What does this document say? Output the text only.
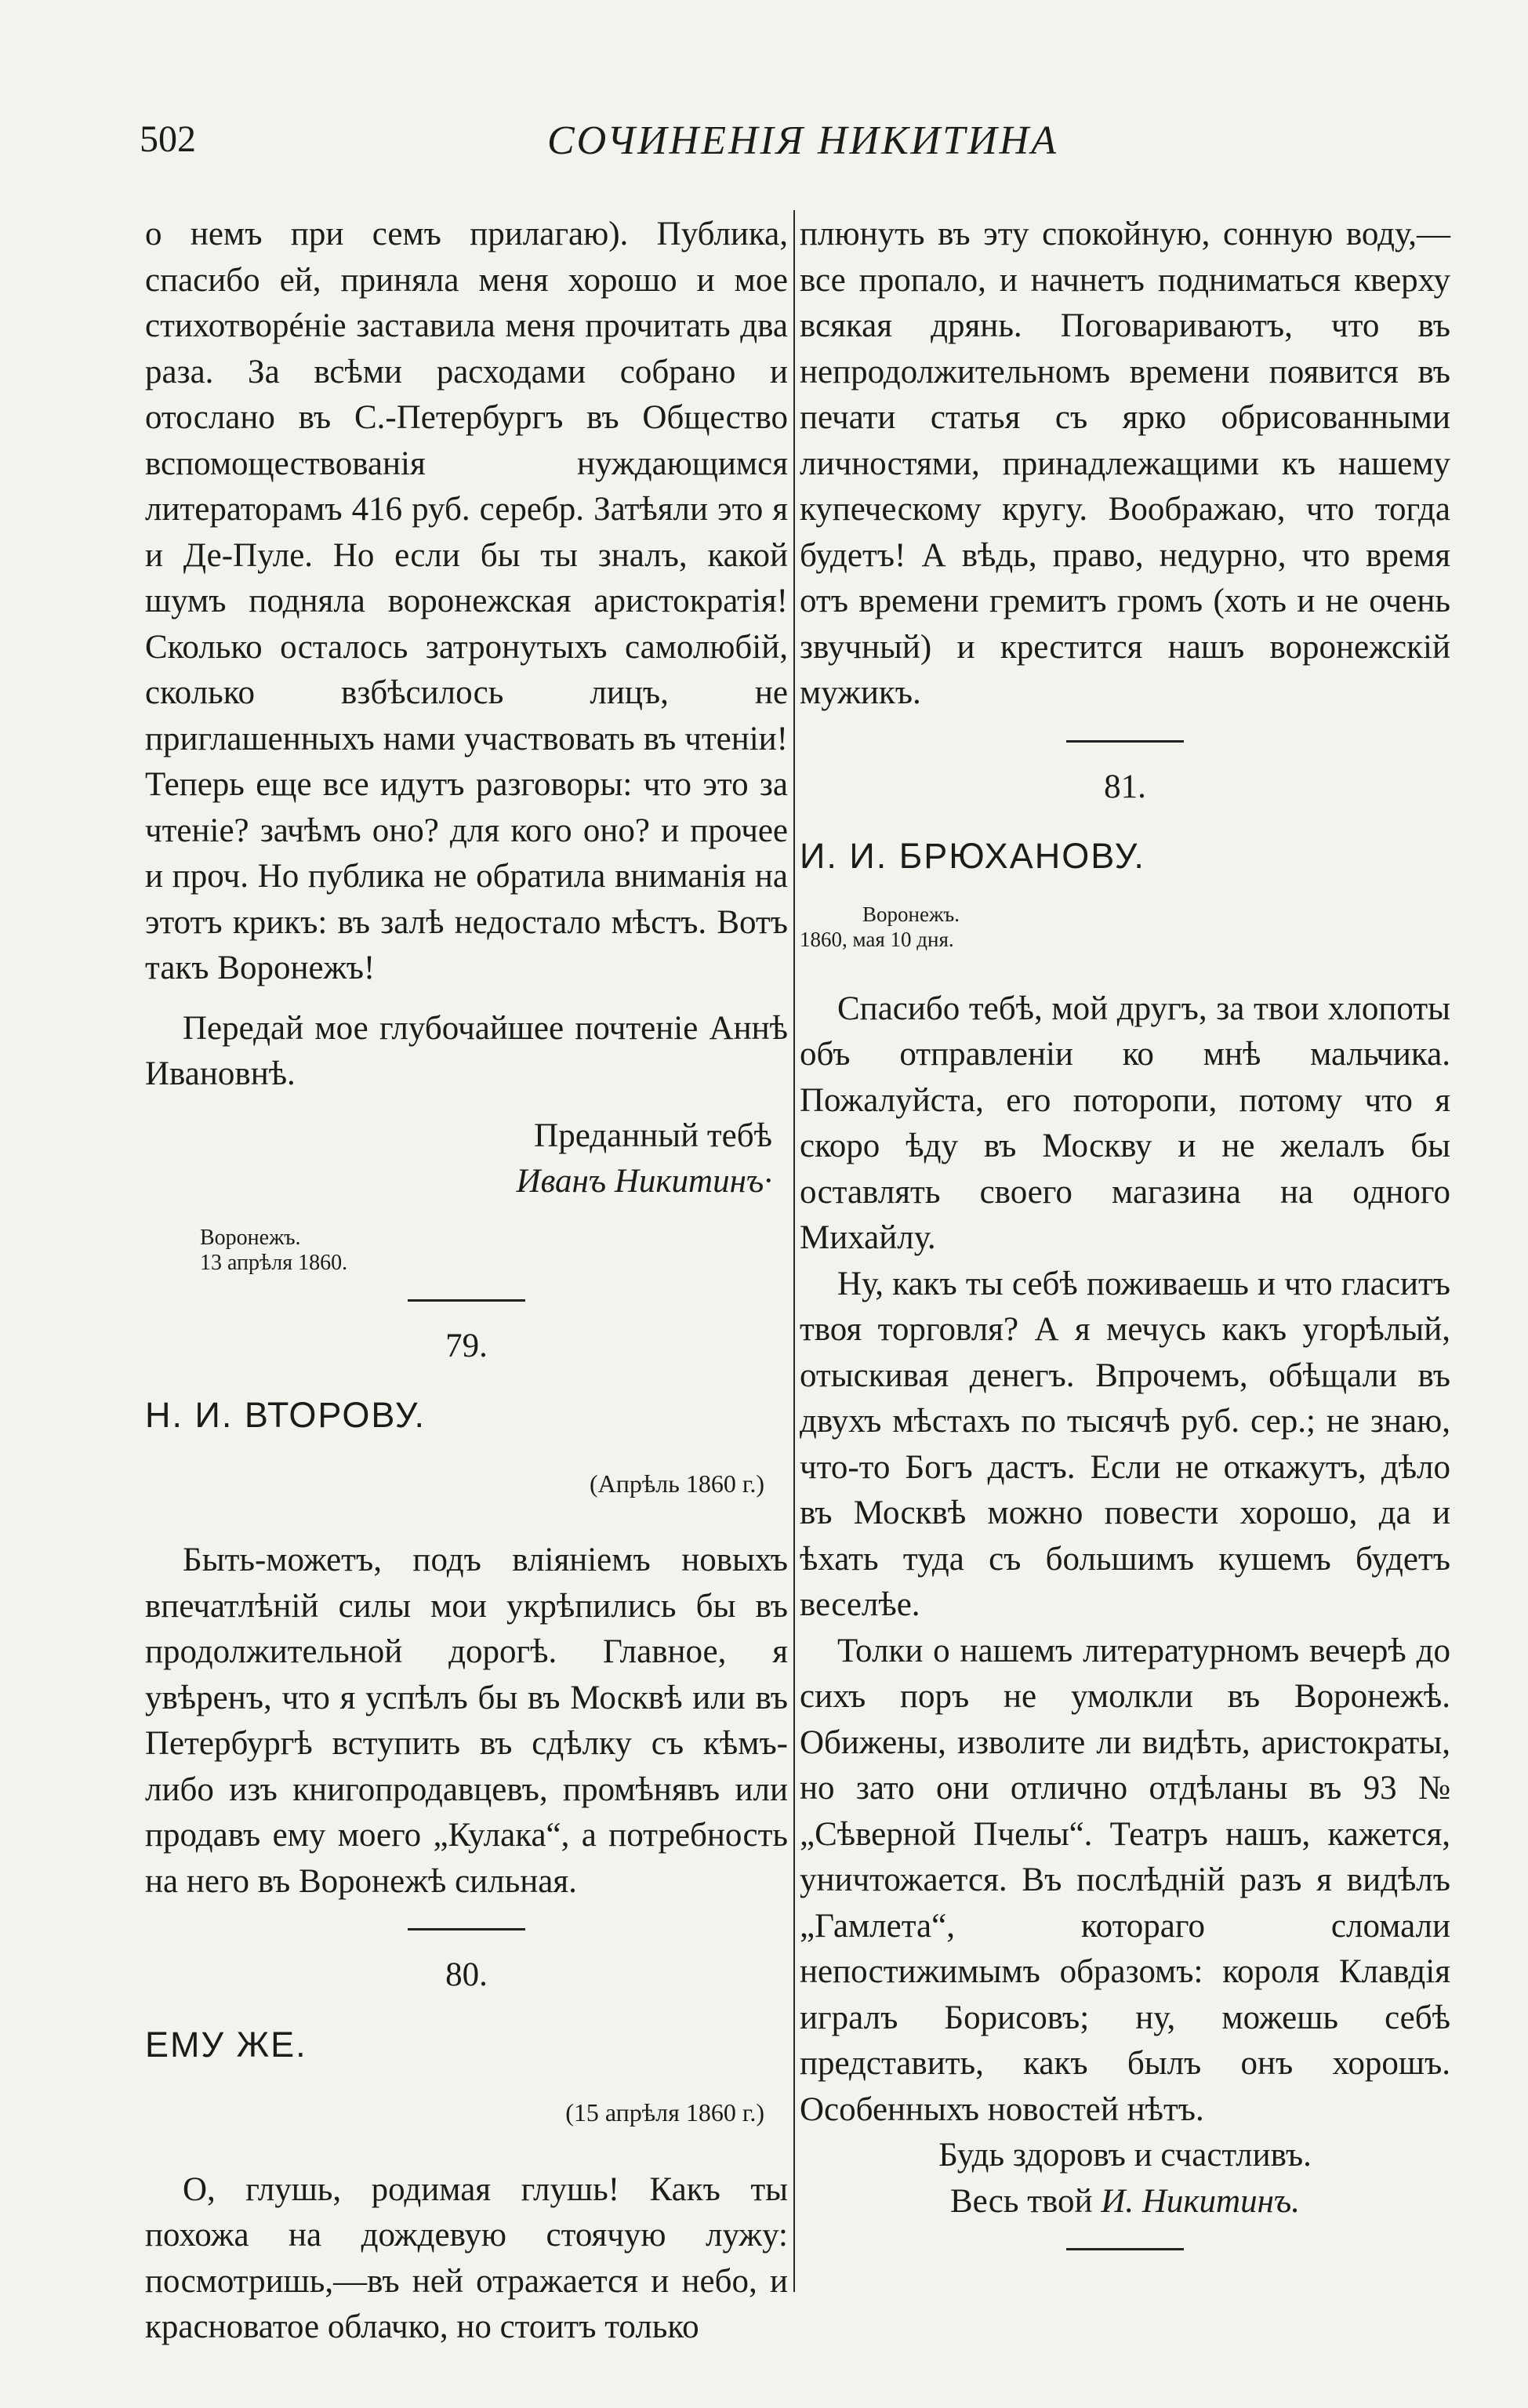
502	СОЧИНЕНІЯ НИКИТИНА

о немъ при семъ прилагаю). Публика, спасибо ей, приняла меня хорошо и мое стихотворéніе заставила меня прочитать два раза. За всѣми расходами собрано и отослано въ С.-Петербургъ въ Общество вспомоществованія нуждающимся литераторамъ 416 руб. серебр. Затѣяли это я и Де-Пуле. Но если бы ты зналъ, какой шумъ подняла воронежская аристократія! Сколько осталось затронутыхъ самолюбій, сколько взбѣсилось лицъ, не приглашенныхъ нами участвовать въ чтеніи! Теперь еще все идутъ разговоры: что это за чтеніе? зачѣмъ оно? для кого оно? и прочее и проч. Но публика не обратила вниманія на этотъ крикъ: въ залѣ недостало мѣстъ. Вотъ такъ Воронежъ!

Передай мое глубочайшее почтеніе Аннѣ Ивановнѣ.

Преданный тебѣ

Иванъ Никитинъ·

Воронежъ.
13 апрѣля 1860.
79.
Н. И. ВТОРОВУ.
(Апрѣль 1860 г.)

Быть-можетъ, подъ вліяніемъ новыхъ впечатлѣній силы мои укрѣпились бы въ продолжительной дорогѣ. Главное, я увѣренъ, что я успѣлъ бы въ Москвѣ или въ Петербургѣ вступить въ сдѣлку съ кѣмъ-либо изъ книгопродавцевъ, промѣнявъ или продавъ ему моего „Кулака“, а потребность на него въ Воронежѣ сильная.

80.
ЕМУ ЖЕ.
(15 апрѣля 1860 г.)

О, глушь, родимая глушь! Какъ ты похожа на дождевую стоячую лужу: посмотришь,—въ ней отражается и небо, и красноватое облачко, но стоитъ только

плюнуть въ эту спокойную, сонную воду,—все пропало, и начнетъ подниматься кверху всякая дрянь. Поговариваютъ, что въ непродолжительномъ времени появится въ печати статья съ ярко обрисованными личностями, принадлежащими къ нашему купеческому кругу. Воображаю, что тогда будетъ! А вѣдь, право, недурно, что время отъ времени гремитъ громъ (хоть и не очень звучный) и крестится нашъ воронежскій мужикъ.

81.
И. И. БРЮХАНОВУ.
Воронежъ.
1860, мая 10 дня.

Спасибо тебѣ, мой другъ, за твои хлопоты объ отправленіи ко мнѣ мальчика. Пожалуйста, его поторопи, потому что я скоро ѣду въ Москву и не желалъ бы оставлять своего магазина на одного Михайлу.

Ну, какъ ты себѣ поживаешь и что гласитъ твоя торговля? А я мечусь какъ угорѣлый, отыскивая денегъ. Впрочемъ, обѣщали въ двухъ мѣстахъ по тысячѣ руб. сер.; не знаю, что-то Богъ дастъ. Если не откажутъ, дѣло въ Москвѣ можно повести хорошо, да и ѣхать туда съ большимъ кушемъ будетъ веселѣе.

Толки о нашемъ литературномъ вечерѣ до сихъ поръ не умолкли въ Воронежѣ. Обижены, изволите ли видѣть, аристократы, но зато они отлично отдѣланы въ 93 № „Сѣверной Пчелы“. Театръ нашъ, кажется, уничтожается. Въ послѣдній разъ я видѣлъ „Гамлета“, котораго сломали непостижимымъ образомъ: короля Клавдія игралъ Борисовъ; ну, можешь себѣ представить, какъ былъ онъ хорошъ. Особенныхъ новостей нѣтъ.

Будь здоровъ и счастливъ.

Весь твой И. Никитинъ.
